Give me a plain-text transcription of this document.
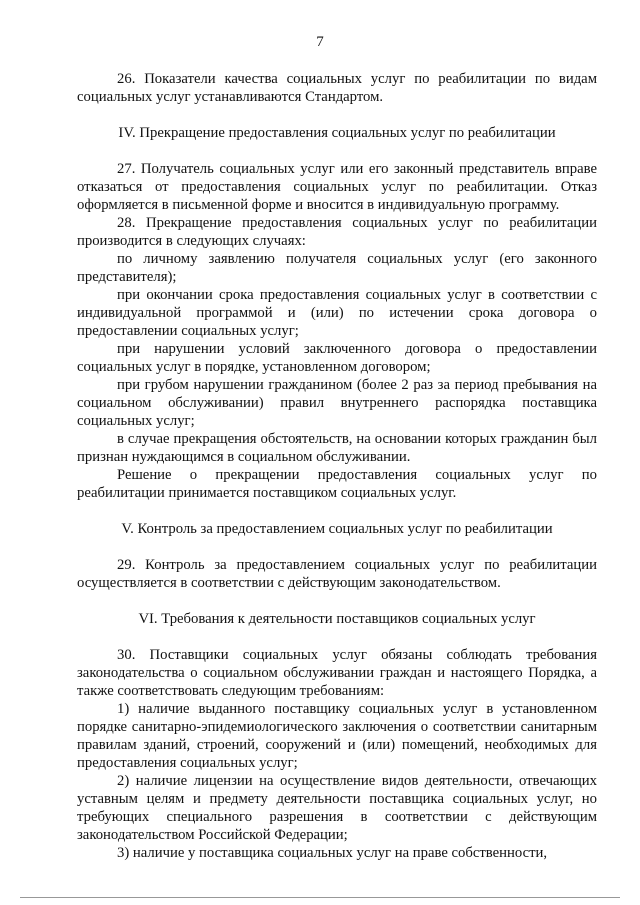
7

26. Показатели качества социальных услуг по реабилитации по видам социальных услуг устанавливаются Стандартом.

IV. Прекращение предоставления социальных услуг по реабилитации

27. Получатель социальных услуг или его законный представитель вправе отказаться от предоставления социальных услуг по реабилитации. Отказ оформляется в письменной форме и вносится в индивидуальную программу.

28. Прекращение предоставления социальных услуг по реабилитации производится в следующих случаях:

по личному заявлению получателя социальных услуг (его законного представителя);

при окончании срока предоставления социальных услуг в соответствии с индивидуальной программой и (или) по истечении срока договора о предоставлении социальных услуг;

при нарушении условий заключенного договора о предоставлении социальных услуг в порядке, установленном договором;

при грубом нарушении гражданином (более 2 раз за период пребывания на социальном обслуживании) правил внутреннего распорядка поставщика социальных услуг;

в случае прекращения обстоятельств, на основании которых гражданин был признан нуждающимся в социальном обслуживании.

Решение о прекращении предоставления социальных услуг по реабилитации принимается поставщиком социальных услуг.

V. Контроль за предоставлением социальных услуг по реабилитации

29. Контроль за предоставлением социальных услуг по реабилитации осуществляется в соответствии с действующим законодательством.

VI. Требования к деятельности поставщиков социальных услуг

30. Поставщики социальных услуг обязаны соблюдать требования законодательства о социальном обслуживании граждан и настоящего Порядка, а также соответствовать следующим требованиям:

1) наличие выданного поставщику социальных услуг в установленном порядке санитарно-эпидемиологического заключения о соответствии санитарным правилам зданий, строений, сооружений и (или) помещений, необходимых для предоставления социальных услуг;

2) наличие лицензии на осуществление видов деятельности, отвечающих уставным целям и предмету деятельности поставщика социальных услуг, но требующих специального разрешения в соответствии с действующим законодательством Российской Федерации;

3) наличие у поставщика социальных услуг на праве собственности,
